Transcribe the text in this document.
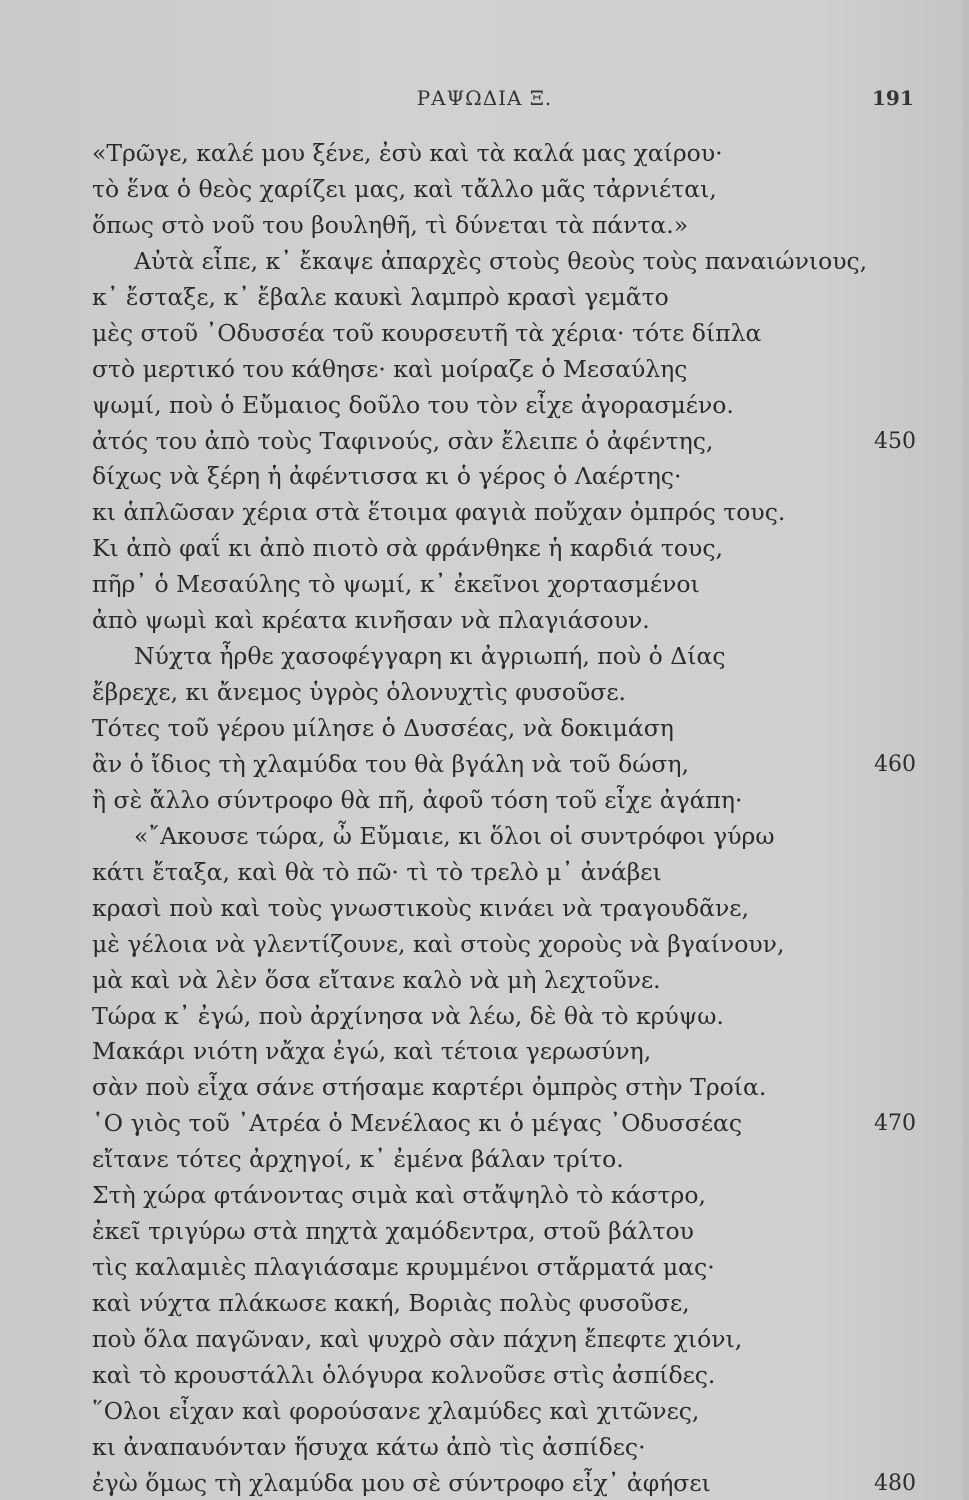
ΡΑΨΩΔΙΑ Ξ.	191
«Τρῶγε, καλέ μου ξένε, ἐσὺ καὶ τὰ καλά μας χαίρου·
τὸ ἕνα ὁ θεὸς χαρίζει μας, καὶ τἄλλο μᾶς τἀρνιέται,
ὅπως στὸ νοῦ του βουληθῆ, τὶ δύνεται τὰ πάντα.»
Αὐτὰ εἶπε, κ᾽ ἔκαψε ἀπαρχὲς στοὺς θεοὺς τοὺς παναιώνιους,
κ᾽ ἔσταξε, κ᾽ ἔβαλε καυκὶ λαμπρὸ κρασὶ γεμᾶτο
μὲς στοῦ ᾽Οδυσσέα τοῦ κουρσευτῆ τὰ χέρια· τότε δίπλα
στὸ μερτικό του κάθησε· καὶ μοίραζε ὁ Μεσαύλης
ψωμί, ποὺ ὁ Εὔμαιος δοῦλο του τὸν εἶχε ἀγορασμένο.
ἀτός του ἀπὸ τοὺς Ταφινούς, σὰν ἔλειπε ὁ ἀφέντης,	450
δίχως νὰ ξέρη ἡ ἀφέντισσα κι ὁ γέρος ὁ Λαέρτης·
κι ἁπλῶσαν χέρια στὰ ἕτοιμα φαγιὰ ποὔχαν ὀμπρός τους.
Κι ἀπὸ φαΐ κι ἀπὸ πιοτὸ σὰ φράνθηκε ἡ καρδιά τους,
πῆρ᾽ ὁ Μεσαύλης τὸ ψωμί, κ᾽ ἐκεῖνοι χορτασμένοι
ἀπὸ ψωμὶ καὶ κρέατα κινῆσαν νὰ πλαγιάσουν.
Νύχτα ἦρθε χασοφέγγαρη κι ἀγριωπή, ποὺ ὁ Δίας
ἔβρεχε, κι ἄνεμος ὑγρὸς ὁλονυχτὶς φυσοῦσε.
Τότες τοῦ γέρου μίλησε ὁ Δυσσέας, νὰ δοκιμάση
ἂν ὁ ἴδιος τὴ χλαμύδα του θὰ βγάλη νὰ τοῦ δώση,	460
ἢ σὲ ἄλλο σύντροφο θὰ πῆ, ἀφοῦ τόση τοῦ εἶχε ἀγάπη·
«῎Ακουσε τώρα, ὦ Εὔμαιε, κι ὅλοι οἱ συντρόφοι γύρω
κάτι ἔταξα, καὶ θὰ τὸ πῶ· τὶ τὸ τρελὸ μ᾽ ἀνάβει
κρασὶ ποὺ καὶ τοὺς γνωστικοὺς κινάει νὰ τραγουδᾶνε,
μὲ γέλοια νὰ γλεντίζουνε, καὶ στοὺς χοροὺς νὰ βγαίνουν,
μὰ καὶ νὰ λὲν ὅσα εἴτανε καλὸ νὰ μὴ λεχτοῦνε.
Τώρα κ᾽ ἐγώ, ποὺ ἀρχίνησα νὰ λέω, δὲ θὰ τὸ κρύψω.
Μακάρι νιότη νἄχα ἐγώ, καὶ τέτοια γερωσύνη,
σὰν ποὺ εἶχα σάνε στήσαμε καρτέρι ὀμπρὸς στὴν Τροία.
῾Ο γιὸς τοῦ ᾽Ατρέα ὁ Μενέλαος κι ὁ μέγας ᾽Οδυσσέας	470
εἴτανε τότες ἀρχηγοί, κ᾽ ἐμένα βάλαν τρίτο.
Στὴ χώρα φτάνοντας σιμὰ καὶ στἄψηλὸ τὸ κάστρο,
ἐκεῖ τριγύρω στὰ πηχτὰ χαμόδεντρα, στοῦ βάλτου
τὶς καλαμιὲς πλαγιάσαμε κρυμμένοι στἄρματά μας·
καὶ νύχτα πλάκωσε κακή, Βοριὰς πολὺς φυσοῦσε,
ποὺ ὅλα παγῶναν, καὶ ψυχρὸ σὰν πάχνη ἔπεφτε χιόνι,
καὶ τὸ κρουστάλλι ὁλόγυρα κολνοῦσε στὶς ἀσπίδες.
῞Ολοι εἶχαν καὶ φορούσανε χλαμύδες καὶ χιτῶνες,
κι ἀναπαυόνταν ἥσυχα κάτω ἀπὸ τὶς ἀσπίδες·
ἐγὼ ὅμως τὴ χλαμύδα μου σὲ σύντροφο εἶχ᾽ ἀφήσει	480
